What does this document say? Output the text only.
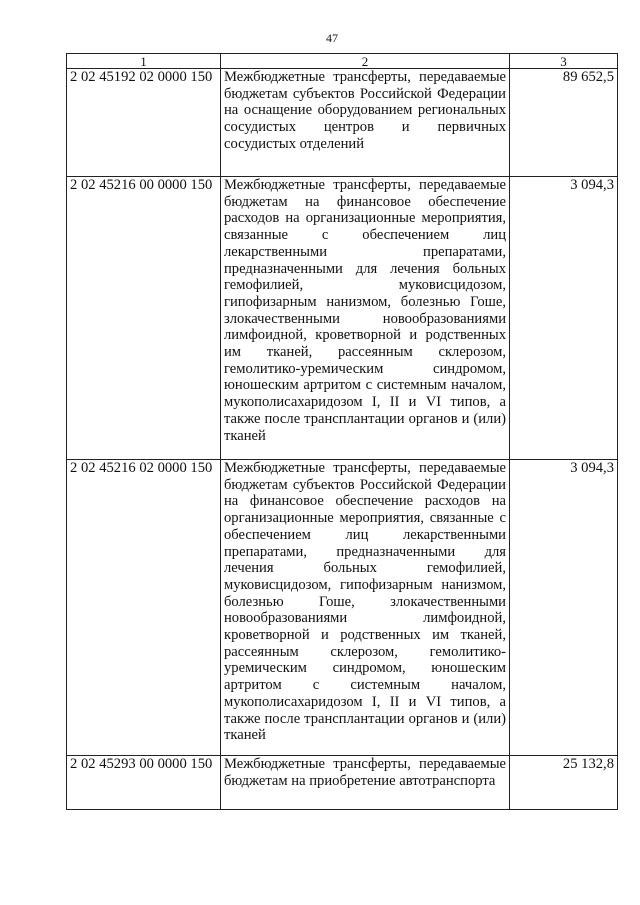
47
1	2	3
2 02 45192 02 0000 150	Межбюджетные трансферты, передаваемые бюджетам субъектов Российской Федерации на оснащение оборудованием региональных сосудистых центров и первичных сосудистых отделений	89 652,5
2 02 45216 00 0000 150	Межбюджетные трансферты, передаваемые бюджетам на финансовое обеспечение расходов на организационные мероприятия, связанные с обеспечением лиц лекарственными препаратами, предназначенными для лечения больных гемофилией, муковисцидозом, гипофизарным нанизмом, болезнью Гоше, злокачественными новообразованиями лимфоидной, кроветворной и родственных им тканей, рассеянным склерозом, гемолитико-уремическим синдромом, юношеским артритом с системным началом, мукополисахаридозом I, II и VI типов, а также после трансплантации органов и (или) тканей	3 094,3
2 02 45216 02 0000 150	Межбюджетные трансферты, передаваемые бюджетам субъектов Российской Федерации на финансовое обеспечение расходов на организационные мероприятия, связанные с обеспечением лиц лекарственными препаратами, предназначенными для лечения больных гемофилией, муковисцидозом, гипофизарным нанизмом, болезнью Гоше, злокачественными новообразованиями лимфоидной, кроветворной и родственных им тканей, рассеянным склерозом, гемолитико-уремическим синдромом, юношеским артритом с системным началом, мукополисахаридозом I, II и VI типов, а также после трансплантации органов и (или) тканей	3 094,3
2 02 45293 00 0000 150	Межбюджетные трансферты, передаваемые бюджетам на приобретение автотранспорта	25 132,8
